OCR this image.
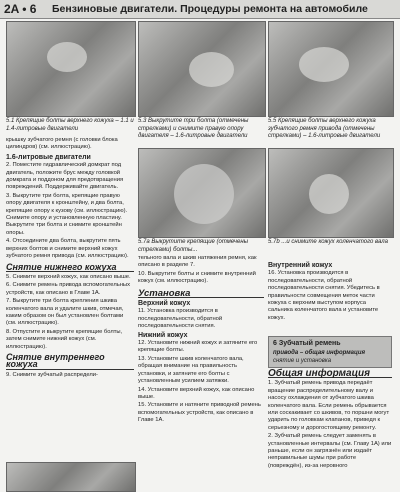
2A • 6 Бензиновые двигатели. Процедуры ремонта на автомобиле
5.1 Крепящие болты верхнего кожуха – 1.1 и 1.4-литровые двигатели
5.3 Выкрутите три болта (отмечены стрелками) и снимите правую опору двигателя – 1.6-литровые двигатели
5.5 Крепящие болты верхнего кожуха зубчатого ремня привода (отмечены стрелками) – 1.6-литровые двигатели
5.7a Выкрутите крепящие (отмечены стрелками) болты...
5.7b ...и снимите кожух коленчатого вала

крышку зубчатого ремня (с головки блока цилиндров) (см. иллюстрацию).

1.6-литровые двигатели

2. Поместите гидравлический домкрат под двигатель, положите брус между головкой домкрата и поддоном для предотвращения повреждений. Поддерживайте двигатель.

3. Выкрутите три болта, крепящие правую опору двигателя к кронштейну, и два болта, крепящие опору к кузову (см. иллюстрацию). Снимите опору и установленную пластину. Выкрутите три болта и снимите кронштейн опоры.

4. Отсоедините два болта, выкрутите пять верхних болтов и снимите верхний кожух зубчатого ремня привода (см. иллюстрацию).

Снятие нижнего кожуха

5. Снимите верхний кожух, как описано выше.

6. Снимите ремень привода вспомогательных устройств, как описано в Главе 1А.

7. Выкрутите три болта крепления шкива коленчатого вала и удалите шкив, отмечая, каким образом он был установлен болтами (см. иллюстрацию).

8. Отпустите и выкрутите крепящие болты, затем снимите нижний кожух (см. иллюстрацию).

Снятие внутреннего кожуха

9. Снимите зубчатый распредели-

тельного вала и шкив натяжения ремня, как описано в разделе 7.

10. Выкрутите болты и снимите внутренний кожух (см. иллюстрацию).

Установка

Верхний кожух

11. Установка производится в последовательности, обратной последовательности снятия.

Нижний кожух

12. Установите нижний кожух и затяните его крепящие болты.

13. Установите шкив коленчатого вала, обращая внимание на правильность установки, и затяните его болты с установленным усилием затяжки.

14. Установите верхний кожух, как описано выше.

15. Установите и натяните приводной ремень вспомогательных устройств, как описано в Главе 1А.

Внутренний кожух

16. Установка производится в последовательности, обратной последовательности снятия. Убедитесь в правильности совмещения меток части кожуха с верхним выступом корпуса сальника коленчатого вала и установите кожух.

6 Зубчатый ремень
привода – общая информация
снятие и установка

Общая информация

1. Зубчатый ремень привода передаёт вращение распределительному валу и насосу охлаждения от зубчатого шкива коленчатого вала. Если ремень обрывается или соскакивает со шкивов, то поршни могут ударить по головкам клапанов, приведя к серьезному и дорогостоящему ремонту.

2. Зубчатый ремень следует заменять в установленные интервалы (см. Главу 1А) или раньше, если он загрязнён или издаёт неправильные шумы при работе (повреждён), из-за неровного
